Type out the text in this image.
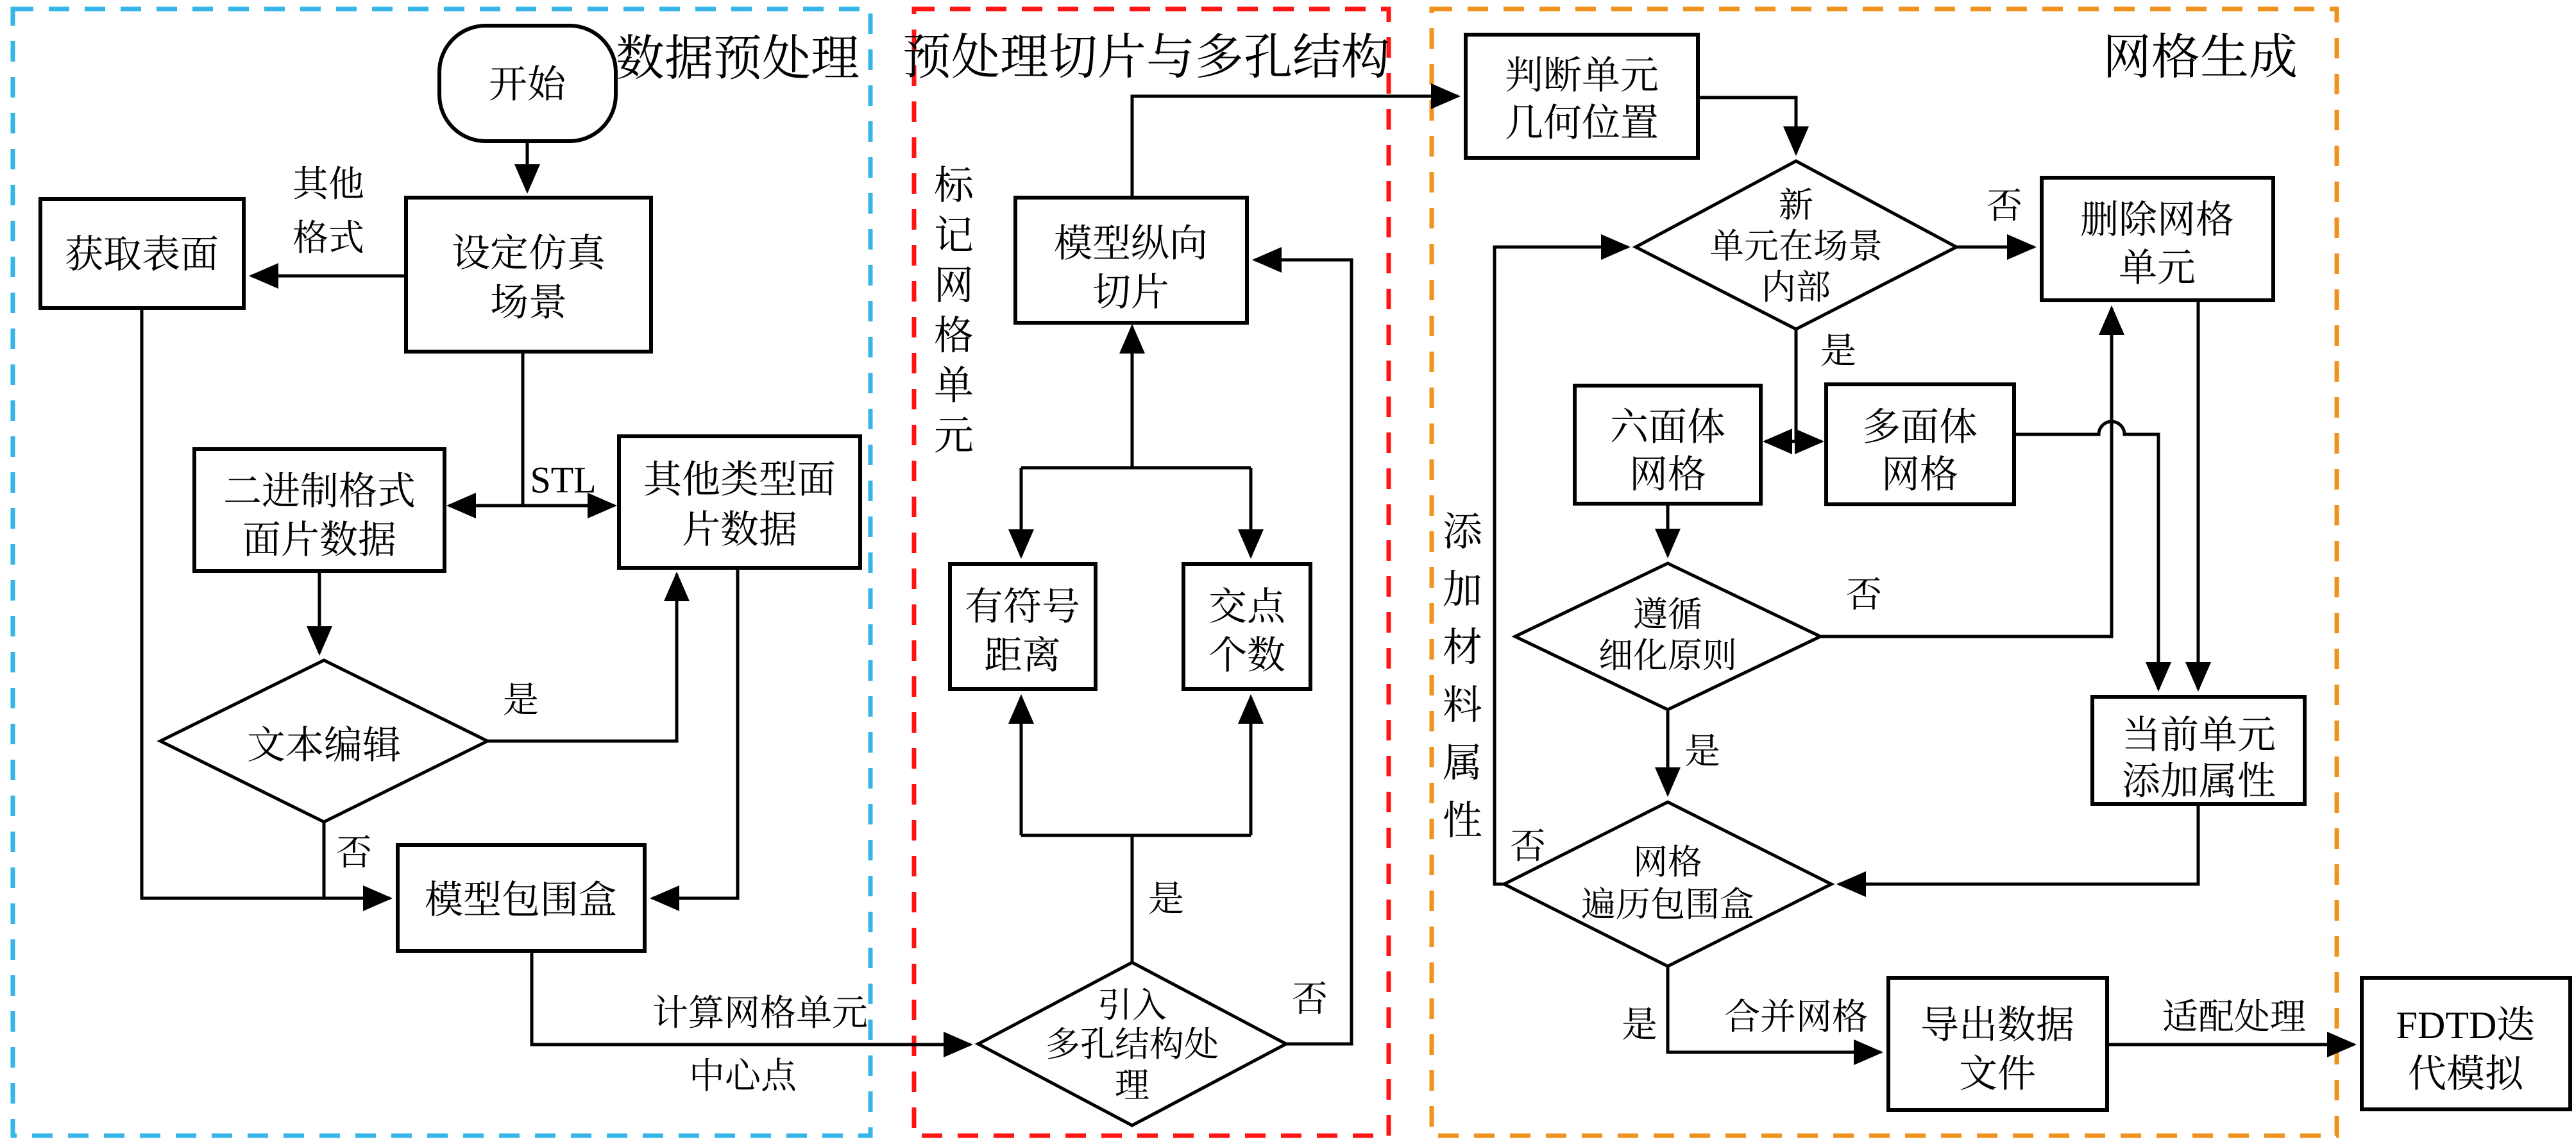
数据预处理 预处理切片与多孔结构	网格生成
开始
设定仿真
场景
获取表面
二进制格式
面片数据
其他类型面
片数据
文本编辑
模型包围盒
模型纵向
切片
有符号
距离
交点
个数
引入
多孔结构处
理
判断单元
几何位置
新
单元在场景
内部
删除网格
单元
六面体
网格
多面体
网格
遵循
细化原则
当前单元
添加属性
网格
遍历包围盒
导出数据
文件
FDTD迭
代模拟
其他
格式
STL
是
否
计算网格单元
中心点
标记网格单元
是
否
否
是
否
是
添加材料属性
否
是 合并网格	适配处理
